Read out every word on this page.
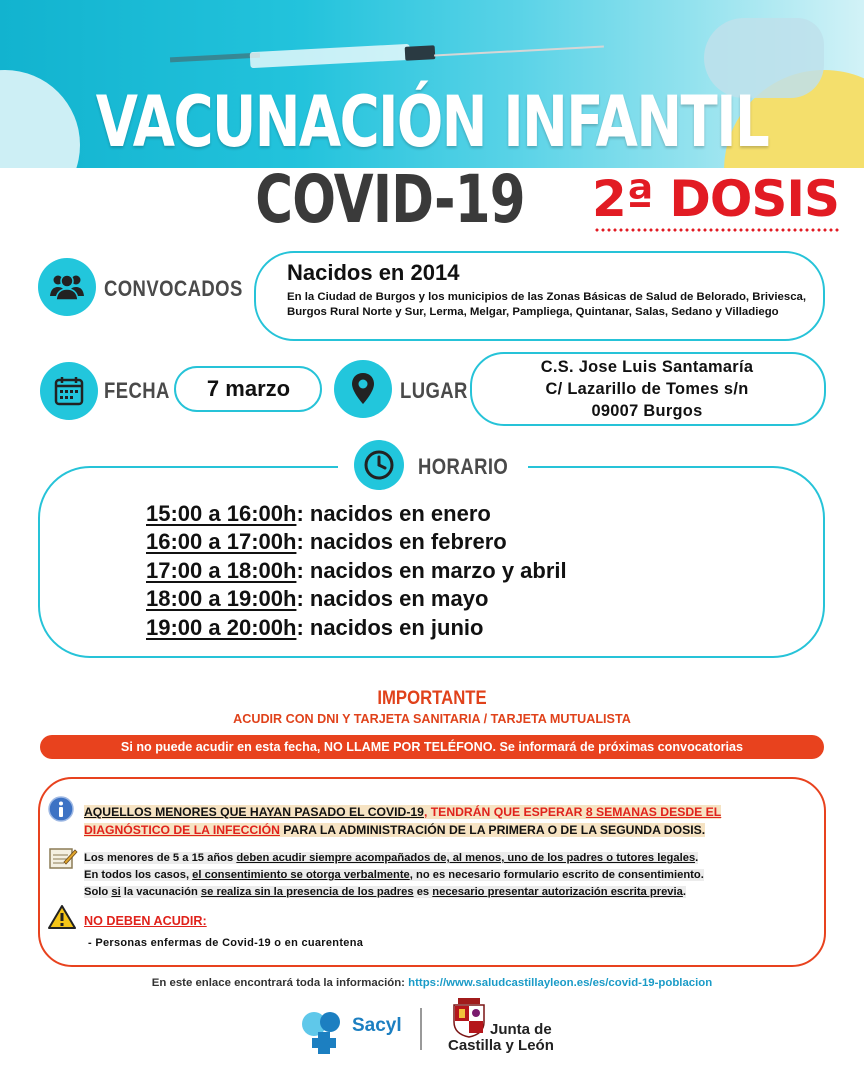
VACUNACIÓN INFANTIL
COVID-19 2ª DOSIS
CONVOCADOS
Nacidos en 2014
En la Ciudad de Burgos y los municipios de las Zonas Básicas de Salud de Belorado, Briviesca, Burgos Rural Norte y Sur, Lerma, Melgar, Pampliega, Quintanar, Salas, Sedano y Villadiego
FECHA	7 marzo	LUGAR
C.S. Jose Luis Santamaría
C/ Lazarillo de Tomes s/n
09007 Burgos
HORARIO
15:00 a 16:00h: nacidos en enero
16:00 a 17:00h: nacidos en febrero
17:00 a 18:00h: nacidos en marzo y abril
18:00 a 19:00h: nacidos en mayo
19:00 a 20:00h: nacidos en junio
IMPORTANTE
ACUDIR CON DNI Y TARJETA SANITARIA / TARJETA MUTUALISTA
Si no puede acudir en esta fecha, NO LLAME POR TELÉFONO. Se informará de próximas convocatorias
AQUELLOS MENORES QUE HAYAN PASADO EL COVID-19, TENDRÁN QUE ESPERAR 8 SEMANAS DESDE EL DIAGNÓSTICO DE LA INFECCIÓN PARA LA ADMINISTRACIÓN DE LA PRIMERA O DE LA SEGUNDA DOSIS.
Los menores de 5 a 15 años deben acudir siempre acompañados de, al menos, uno de los padres o tutores legales.
En todos los casos, el consentimiento se otorga verbalmente, no es necesario formulario escrito de consentimiento.
Solo si la vacunación se realiza sin la presencia de los padres es necesario presentar autorización escrita previa.
NO DEBEN ACUDIR:
- Personas enfermas de Covid-19 o en cuarentena
En este enlace encontrará toda la información: https://www.saludcastillayleon.es/es/covid-19-poblacion
Sacyl	Junta de
Castilla y León
